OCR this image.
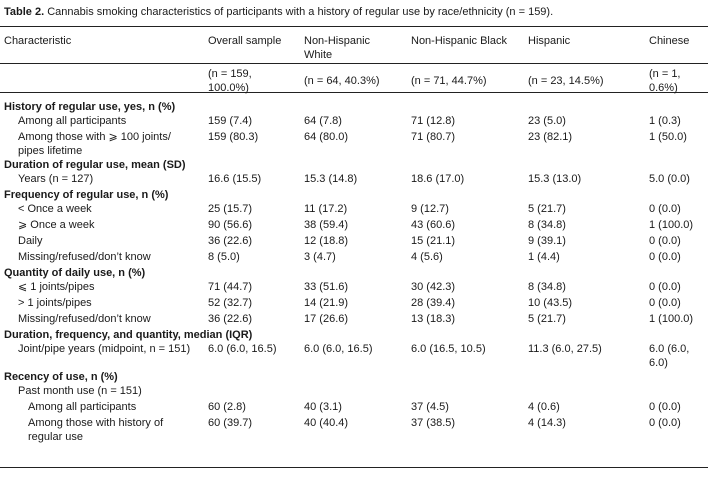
Table 2. Cannabis smoking characteristics of participants with a history of regular use by race/ethnicity (n = 159).
Characteristic	Overall sample	Non-Hispanic White	Non-Hispanic Black	Hispanic	Chinese
	(n = 159, 100.0%)	(n = 64, 40.3%)	(n = 71, 44.7%)	(n = 23, 14.5%)	(n = 1, 0.6%)
History of regular use, yes, n (%)					
Among all participants	159 (7.4)	64 (7.8)	71 (12.8)	23 (5.0)	1 (0.3)
Among those with ⩾ 100 joints/ pipes lifetime	159 (80.3)	64 (80.0)	71 (80.7)	23 (82.1)	1 (50.0)
Duration of regular use, mean (SD)					
Years (n = 127)	16.6 (15.5)	15.3 (14.8)	18.6 (17.0)	15.3 (13.0)	5.0 (0.0)
Frequency of regular use, n (%)					
< Once a week	25 (15.7)	11 (17.2)	9 (12.7)	5 (21.7)	0 (0.0)
⩾ Once a week	90 (56.6)	38 (59.4)	43 (60.6)	8 (34.8)	1 (100.0)
Daily	36 (22.6)	12 (18.8)	15 (21.1)	9 (39.1)	0 (0.0)
Missing/refused/don’t know	8 (5.0)	3 (4.7)	4 (5.6)	1 (4.4)	0 (0.0)
Quantity of daily use, n (%)					
⩽ 1 joints/pipes	71 (44.7)	33 (51.6)	30 (42.3)	8 (34.8)	0 (0.0)
> 1 joints/pipes	52 (32.7)	14 (21.9)	28 (39.4)	10 (43.5)	0 (0.0)
Missing/refused/don’t know	36 (22.6)	17 (26.6)	13 (18.3)	5 (21.7)	1 (100.0)
Duration, frequency, and quantity, median (IQR)					
Joint/pipe years (midpoint, n = 151)	6.0 (6.0, 16.5)	6.0 (6.0, 16.5)	6.0 (16.5, 10.5)	11.3 (6.0, 27.5)	6.0 (6.0, 6.0)
Recency of use, n (%)					
Past month use (n = 151)					
Among all participants	60 (2.8)	40 (3.1)	37 (4.5)	4 (0.6)	0 (0.0)
Among those with history of regular use	60 (39.7)	40 (40.4)	37 (38.5)	4 (14.3)	0 (0.0)
